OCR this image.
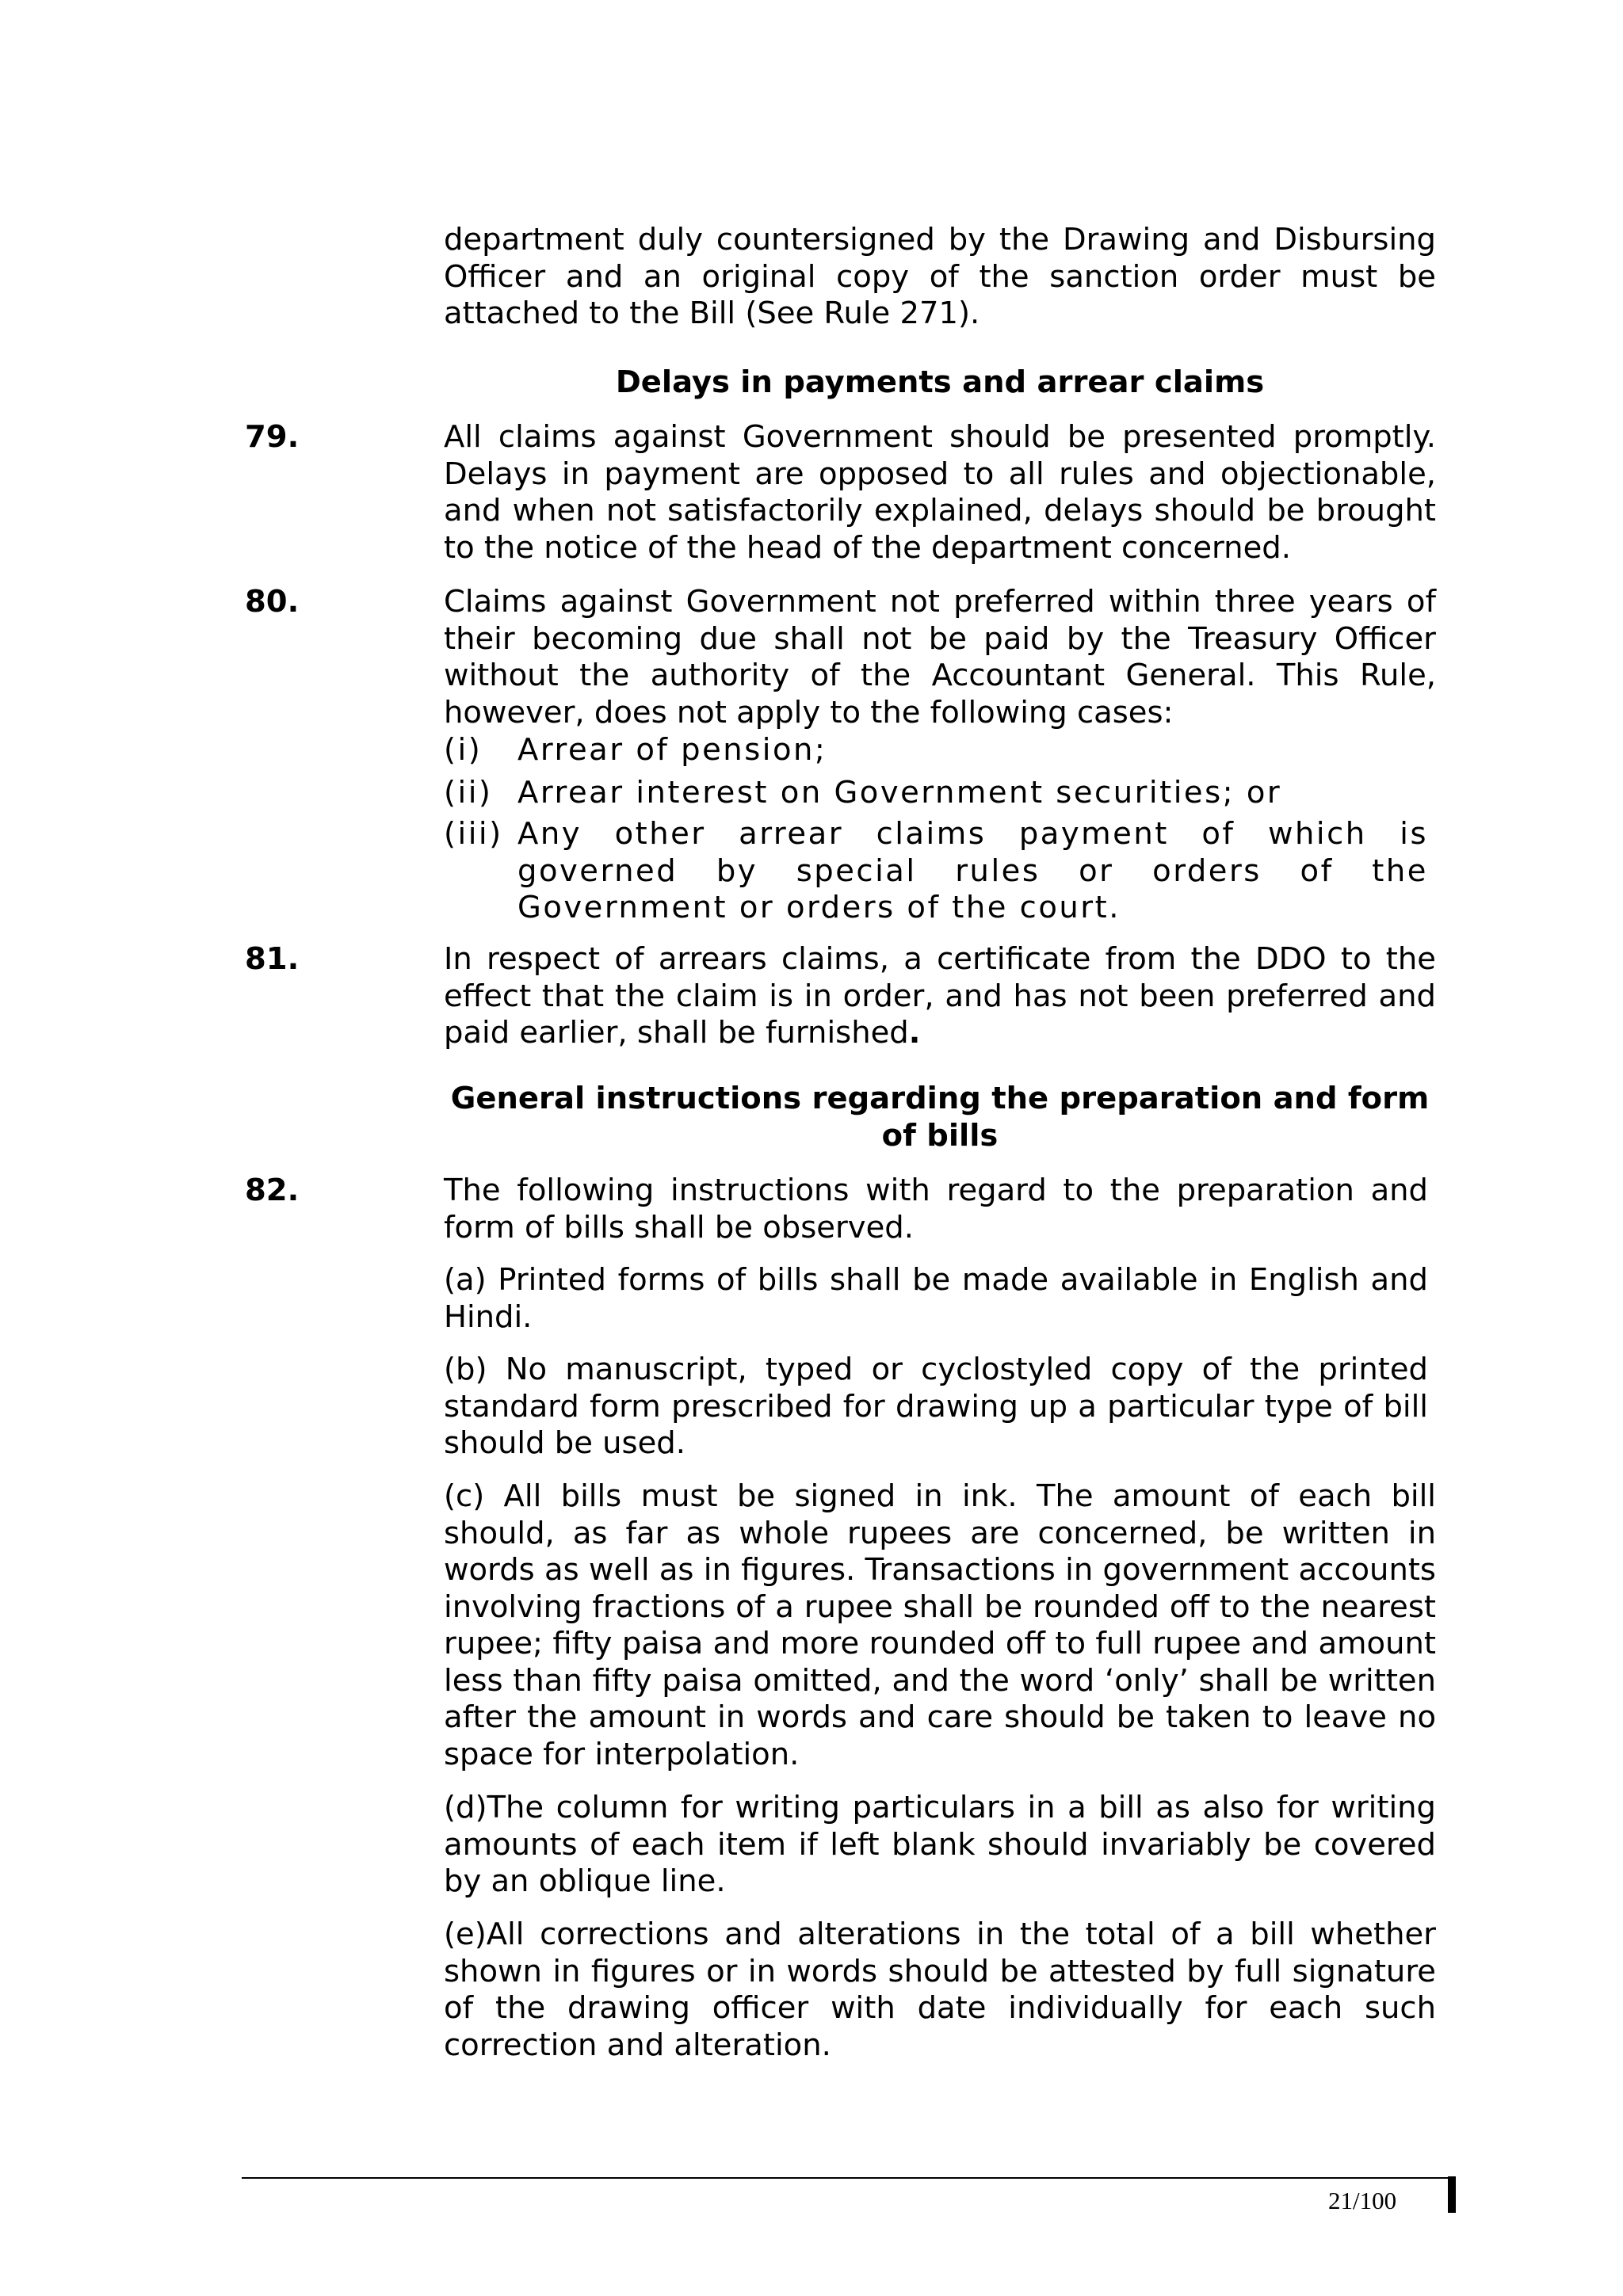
department duly countersigned by the Drawing and Disbursing Officer and an original copy of the sanction order must be attached to the Bill (See Rule 271).
Delays in payments and arrear claims
79.	All claims against Government should be presented promptly. Delays in payment are opposed to all rules and objectionable, and when not satisfactorily explained, delays should be brought to the notice of the head of the department concerned.
80.	Claims against Government not preferred within three years of their becoming due shall not be paid by the Treasury Officer without the authority of the Accountant General. This Rule, however, does not apply to the following cases:
(i) Arrear of pension;
(ii) Arrear interest on Government securities; or
(iii) Any other arrear claims payment of which is governed by special rules or orders of the Government or orders of the court.
81.	In respect of arrears claims, a certificate from the DDO to the effect that the claim is in order, and has not been preferred and paid earlier, shall be furnished.
General instructions regarding the preparation and form of bills
82.	The following instructions with regard to the preparation and form of bills shall be observed.
(a) Printed forms of bills shall be made available in English and Hindi.
(b) No manuscript, typed or cyclostyled copy of the printed standard form prescribed for drawing up a particular type of bill should be used.
(c) All bills must be signed in ink. The amount of each bill should, as far as whole rupees are concerned, be written in words as well as in figures. Transactions in government accounts involving fractions of a rupee shall be rounded off to the nearest rupee; fifty paisa and more rounded off to full rupee and amount less than fifty paisa omitted, and the word ‘only’ shall be written after the amount in words and care should be taken to leave no space for interpolation.
(d)The column for writing particulars in a bill as also for writing amounts of each item if left blank should invariably be covered by an oblique line.
(e)All corrections and alterations in the total of a bill whether shown in figures or in words should be attested by full signature of the drawing officer with date individually for each such correction and alteration.
21/100
